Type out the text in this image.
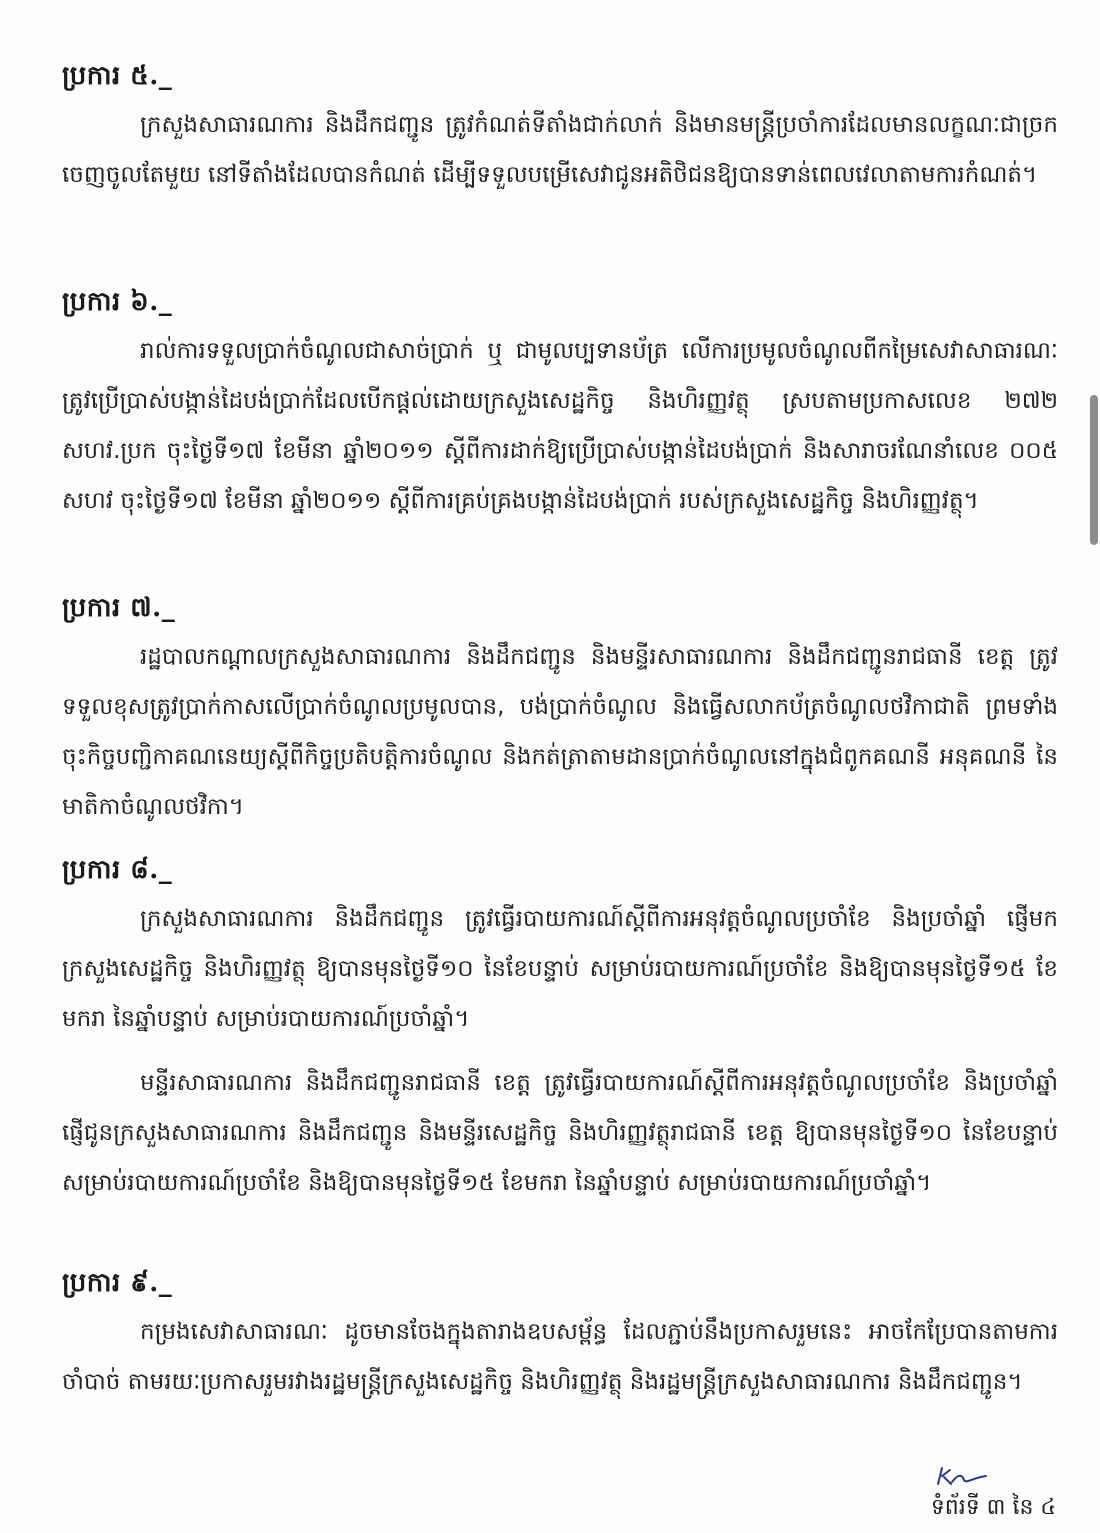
ប្រការ ៥._

ក្រសួងសាធារណការ និងដឹកជញ្ជូន ត្រូវកំណត់ទីតាំងជាក់លាក់ និងមានមន្ត្រីប្រចាំការដែលមានលក្ខណៈជាច្រកចេញចូលតែមួយ នៅទីតាំងដែលបានកំណត់ ដើម្បីទទួលបម្រើសេវាជូនអតិថិជនឱ្យបានទាន់ពេលវេលាតាមការកំណត់។

ប្រការ ៦._

រាល់ការទទួលប្រាក់ចំណូលជាសាច់ប្រាក់ ឬ ជាមូលប្បទានប័ត្រ លើការប្រមូលចំណូលពីកម្រៃសេវាសាធារណៈ ត្រូវប្រើប្រាស់បង្កាន់ដៃបង់ប្រាក់ដែលបើកផ្តល់ដោយក្រសួងសេដ្ឋកិច្ច និងហិរញ្ញវត្ថុ ស្របតាមប្រកាសលេខ ២៧២ សហវ.ប្រក ចុះថ្ងៃទី១៧ ខែមីនា ឆ្នាំ២០១១ ស្តីពីការដាក់ឱ្យប្រើប្រាស់បង្កាន់ដៃបង់ប្រាក់ និងសារាចរណែនាំលេខ ០០៥ សហវ ចុះថ្ងៃទី១៧ ខែមីនា ឆ្នាំ២០១១ ស្តីពីការគ្រប់គ្រងបង្កាន់ដៃបង់ប្រាក់ របស់ក្រសួងសេដ្ឋកិច្ច និងហិរញ្ញវត្ថុ។

ប្រការ ៧._

រដ្ឋបាលកណ្តាលក្រសួងសាធារណការ និងដឹកជញ្ជូន និងមន្ទីរសាធារណការ និងដឹកជញ្ជូនរាជធានី ខេត្ត ត្រូវទទួលខុសត្រូវប្រាក់កាសលើប្រាក់ចំណូលប្រមូលបាន, បង់ប្រាក់ចំណូល និងធ្វើសលាកប័ត្រចំណូលថវិកាជាតិ ព្រមទាំងចុះកិច្ចបញ្ជិកាគណនេយ្យស្តីពីកិច្ចប្រតិបត្តិការចំណូល និងកត់ត្រាតាមដានប្រាក់ចំណូលនៅក្នុងជំពូកគណនី អនុគណនី នៃមាតិកាចំណូលថវិកា។

ប្រការ ៨._

ក្រសួងសាធារណការ និងដឹកជញ្ជូន ត្រូវធ្វើរបាយការណ៍ស្តីពីការអនុវត្តចំណូលប្រចាំខែ និងប្រចាំឆ្នាំ ផ្ញើមកក្រសួងសេដ្ឋកិច្ច និងហិរញ្ញវត្ថុ ឱ្យបានមុនថ្ងៃទី១០ នៃខែបន្ទាប់ សម្រាប់របាយការណ៍ប្រចាំខែ និងឱ្យបានមុនថ្ងៃទី១៥ ខែមករា នៃឆ្នាំបន្ទាប់ សម្រាប់របាយការណ៍ប្រចាំឆ្នាំ។

មន្ទីរសាធារណការ និងដឹកជញ្ជូនរាជធានី ខេត្ត ត្រូវធ្វើរបាយការណ៍ស្តីពីការអនុវត្តចំណូលប្រចាំខែ និងប្រចាំឆ្នាំ ផ្ញើជូនក្រសួងសាធារណការ និងដឹកជញ្ជូន និងមន្ទីរសេដ្ឋកិច្ច និងហិរញ្ញវត្ថុរាជធានី ខេត្ត ឱ្យបានមុនថ្ងៃទី១០ នៃខែបន្ទាប់ សម្រាប់របាយការណ៍ប្រចាំខែ និងឱ្យបានមុនថ្ងៃទី១៥ ខែមករា នៃឆ្នាំបន្ទាប់ សម្រាប់របាយការណ៍ប្រចាំឆ្នាំ។

ប្រការ ៩._

កម្រងសេវាសាធារណៈ ដូចមានចែងក្នុងតារាងឧបសម្ព័ន្ធ ដែលភ្ជាប់នឹងប្រកាសរួមនេះ អាចកែប្រែបានតាមការចាំបាច់ តាមរយៈប្រកាសរួមរវាងរដ្ឋមន្ត្រីក្រសួងសេដ្ឋកិច្ច និងហិរញ្ញវត្ថុ និងរដ្ឋមន្ត្រីក្រសួងសាធារណការ និងដឹកជញ្ជូន។

ទំព័រទី ៣ នៃ ៤
